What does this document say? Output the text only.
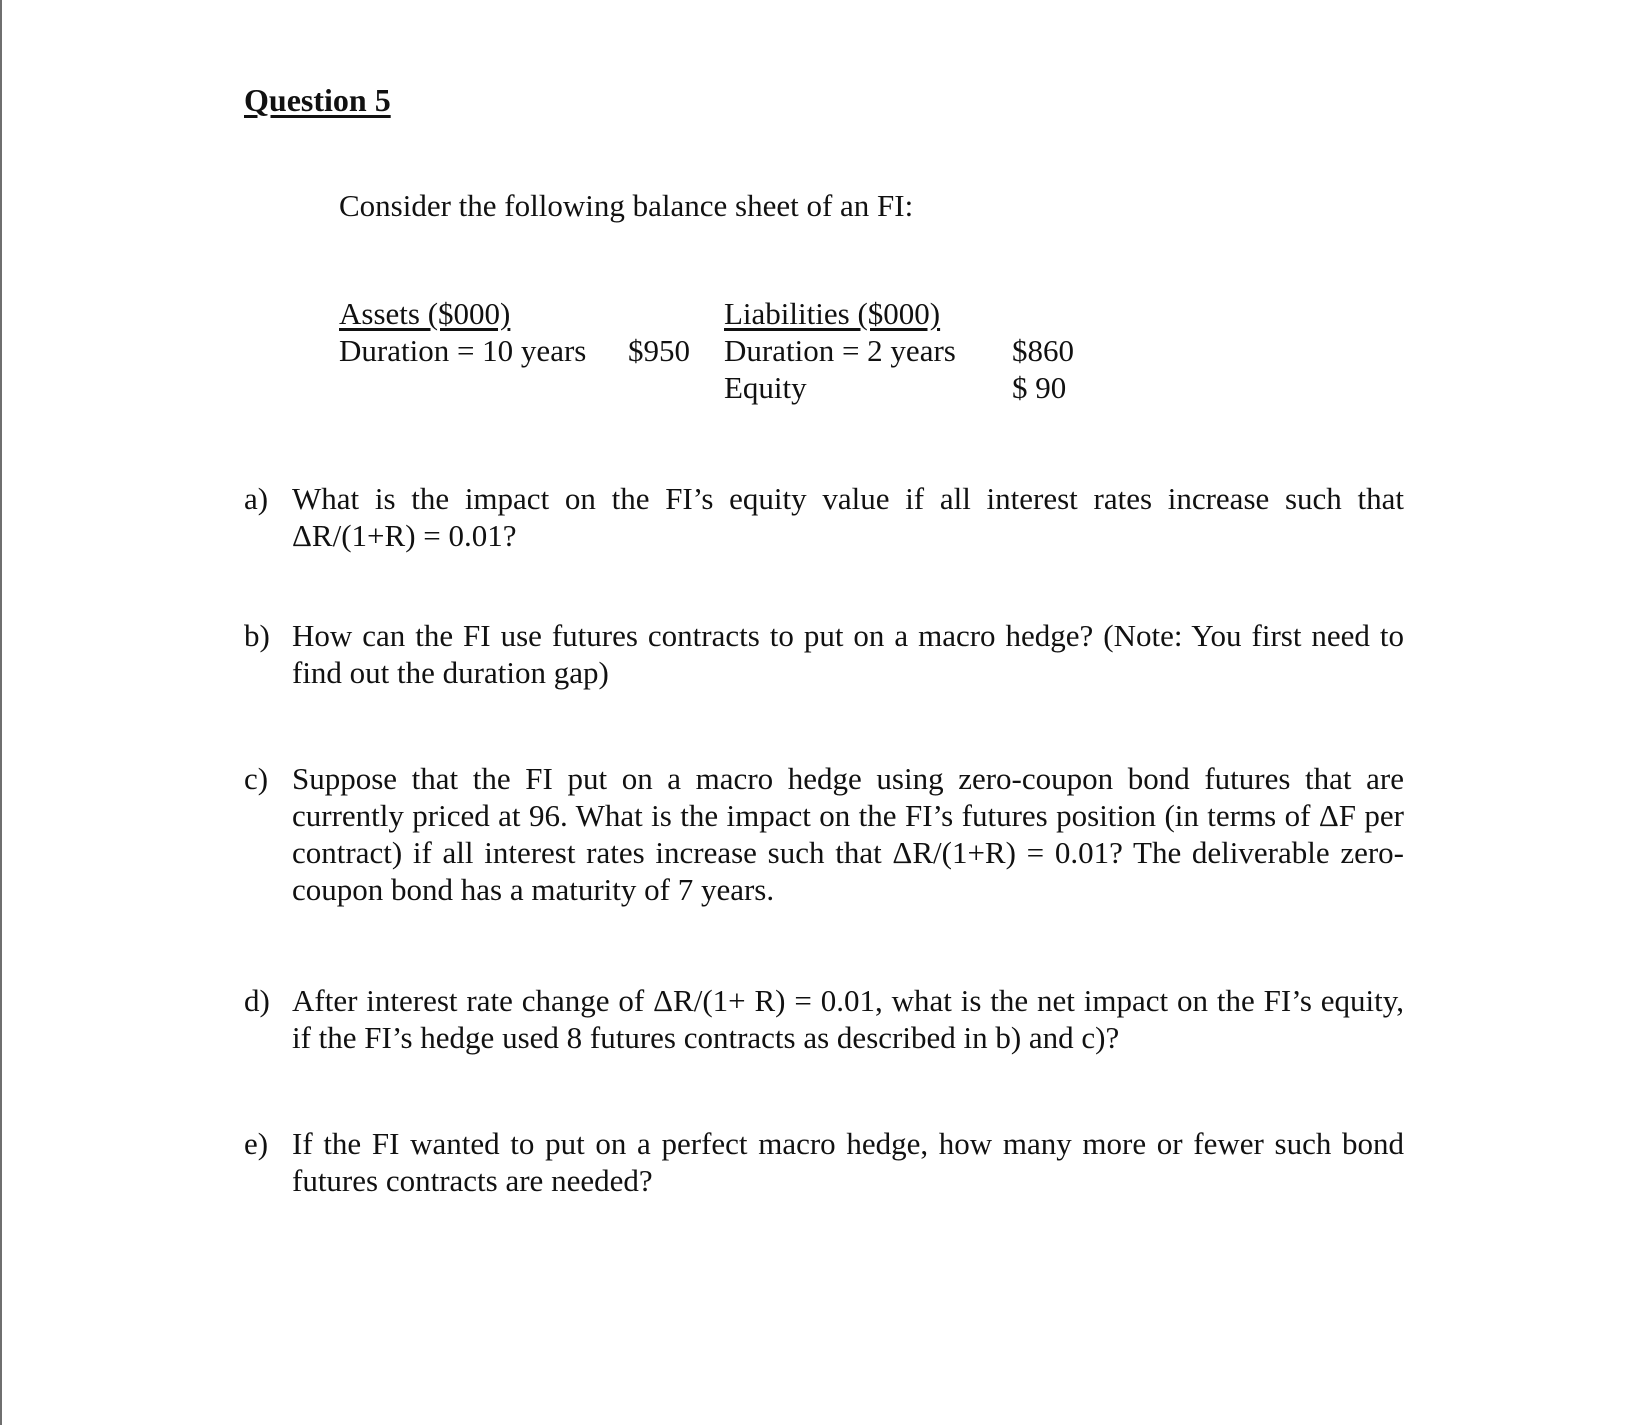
Question 5
Consider the following balance sheet of an FI:
Assets ($000)	Liabilities ($000)
Duration = 10 years $950 Duration = 2 years $860
Equity	$ 90
a) What is the impact on the FI’s equity value if all interest rates increase such that ΔR/(1+R) = 0.01?
b) How can the FI use futures contracts to put on a macro hedge? (Note: You first need to find out the duration gap)
c) Suppose that the FI put on a macro hedge using zero-coupon bond futures that are currently priced at 96. What is the impact on the FI’s futures position (in terms of ΔF per contract) if all interest rates increase such that ΔR/(1+R) = 0.01? The deliverable zero-coupon bond has a maturity of 7 years.
d) After interest rate change of ΔR/(1+ R) = 0.01, what is the net impact on the FI’s equity, if the FI’s hedge used 8 futures contracts as described in b) and c)?
e) If the FI wanted to put on a perfect macro hedge, how many more or fewer such bond futures contracts are needed?
